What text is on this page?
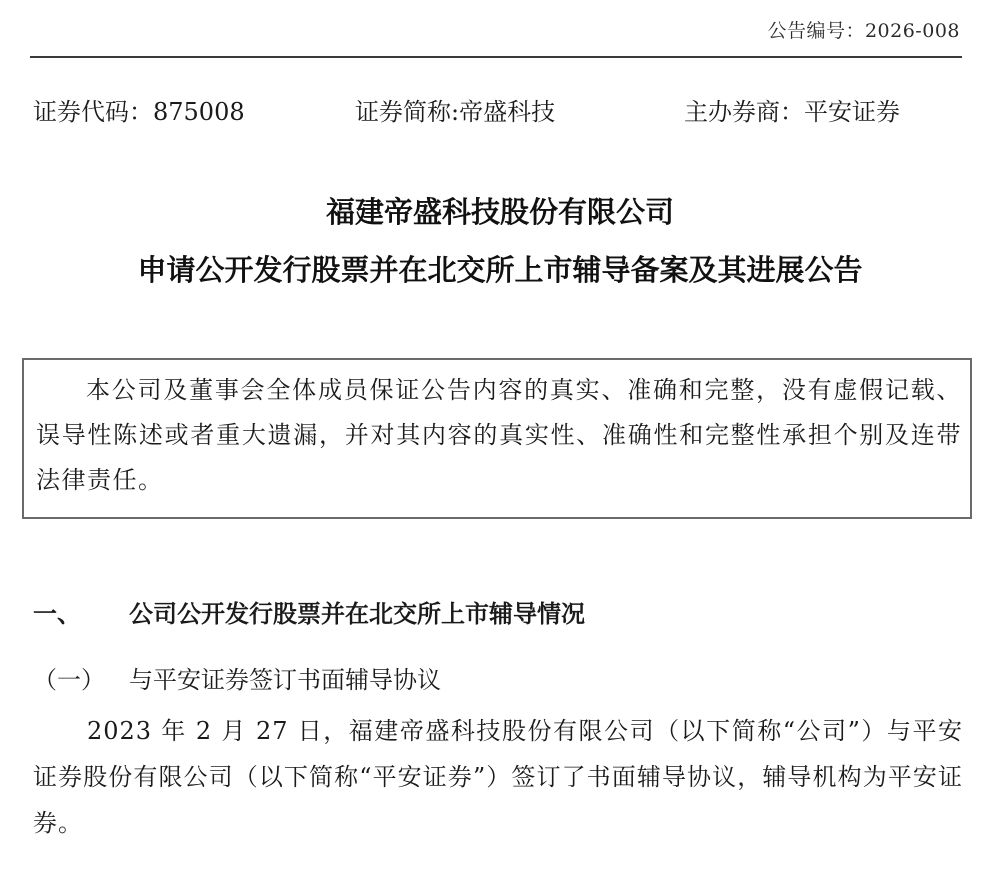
公告编号：2026-008
证券代码：875008	证券简称:帝盛科技	主办券商：平安证券
福建帝盛科技股份有限公司
申请公开发行股票并在北交所上市辅导备案及其进展公告
本公司及董事会全体成员保证公告内容的真实、准确和完整，没有虚假记载、误导性陈述或者重大遗漏，并对其内容的真实性、准确性和完整性承担个别及连带法律责任。
一、 公司公开发行股票并在北交所上市辅导情况
（一） 与平安证券签订书面辅导协议
2023 年 2 月 27 日，福建帝盛科技股份有限公司（以下简称“公司”）与平安证券股份有限公司（以下简称“平安证券”）签订了书面辅导协议，辅导机构为平安证券。
